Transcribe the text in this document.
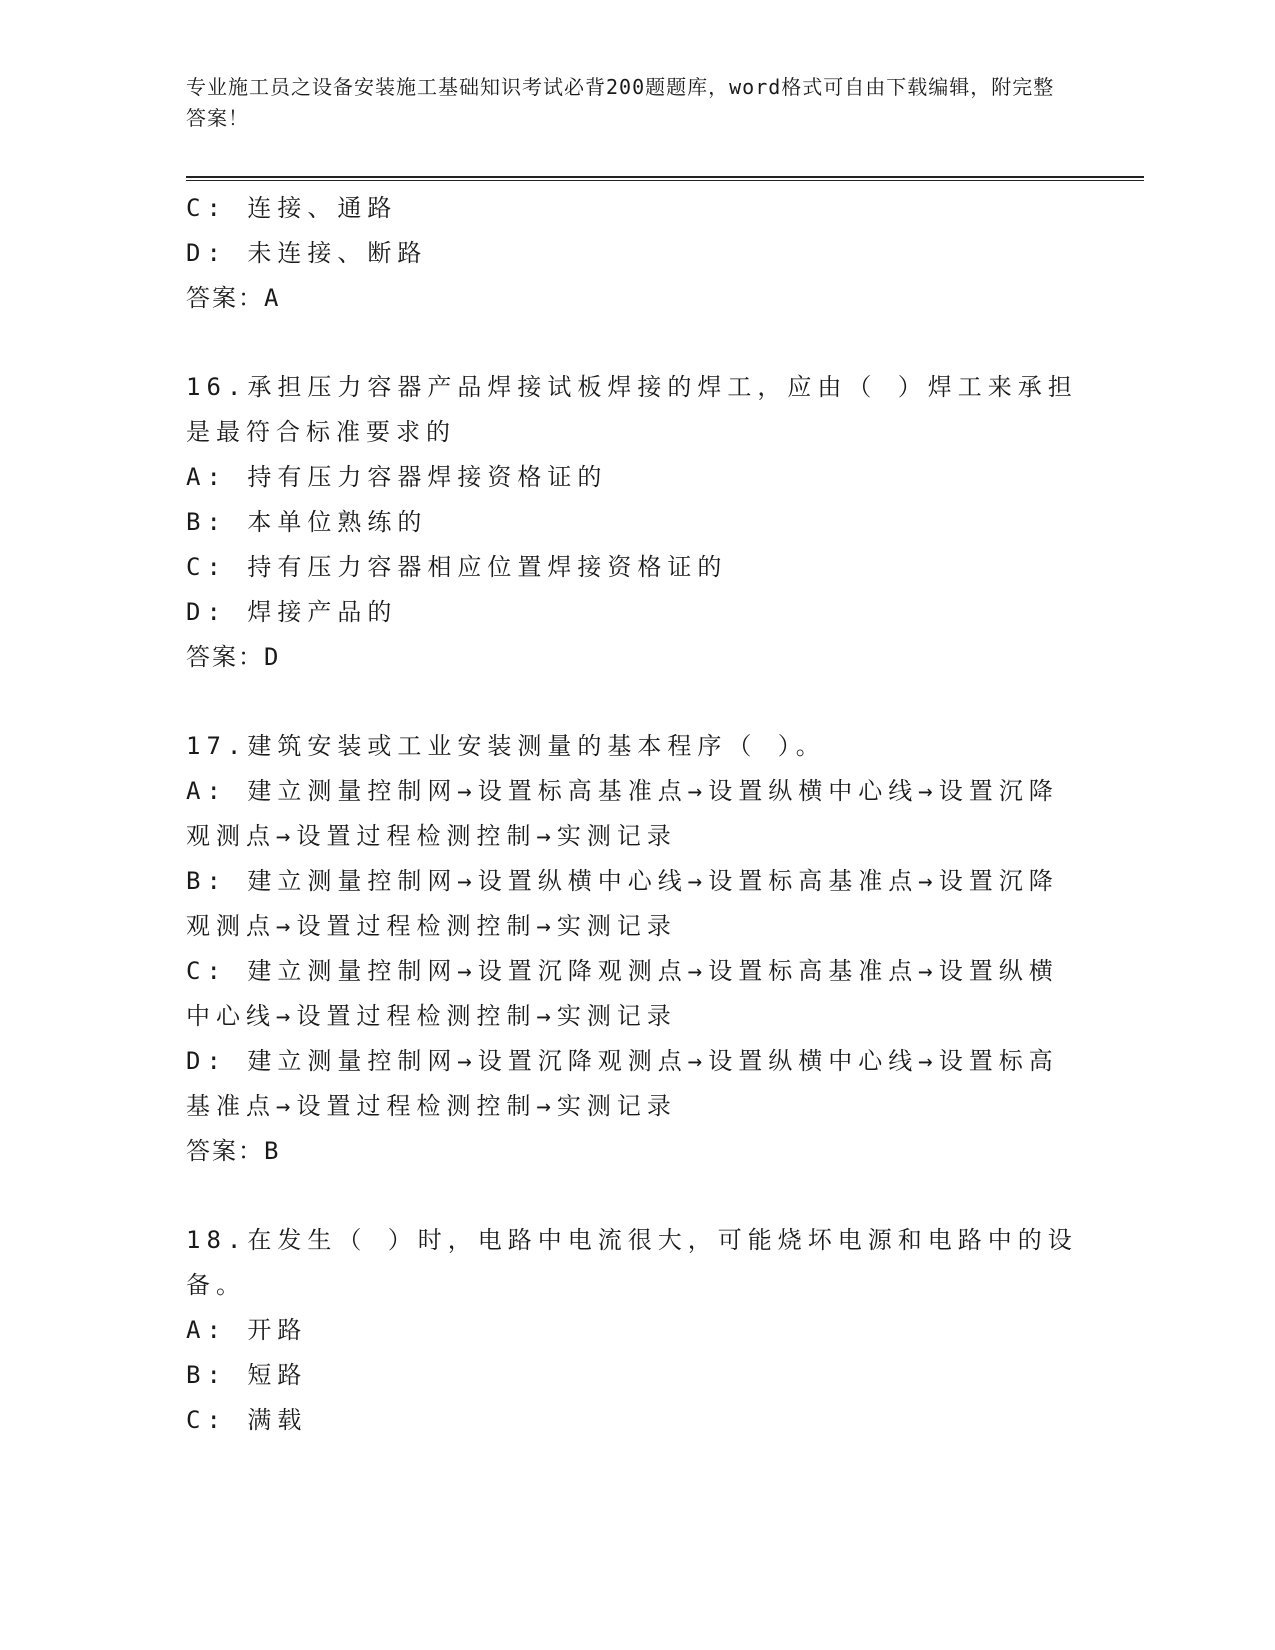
专业施工员之设备安装施工基础知识考试必背200题题库，word格式可自由下载编辑，附完整答案！

C: 连接、通路

D: 未连接、断路

答案：A

16.承担压力容器产品焊接试板焊接的焊工，应由（ ）焊工来承担是最符合标准要求的

A: 持有压力容器焊接资格证的

B: 本单位熟练的

C: 持有压力容器相应位置焊接资格证的

D: 焊接产品的

答案：D

17.建筑安装或工业安装测量的基本程序（ ）。

A: 建立测量控制网→设置标高基准点→设置纵横中心线→设置沉降观测点→设置过程检测控制→实测记录

B: 建立测量控制网→设置纵横中心线→设置标高基准点→设置沉降观测点→设置过程检测控制→实测记录

C: 建立测量控制网→设置沉降观测点→设置标高基准点→设置纵横中心线→设置过程检测控制→实测记录

D: 建立测量控制网→设置沉降观测点→设置纵横中心线→设置标高基准点→设置过程检测控制→实测记录

答案：B

18.在发生（ ）时，电路中电流很大，可能烧坏电源和电路中的设备。

A: 开路

B: 短路

C: 满载
